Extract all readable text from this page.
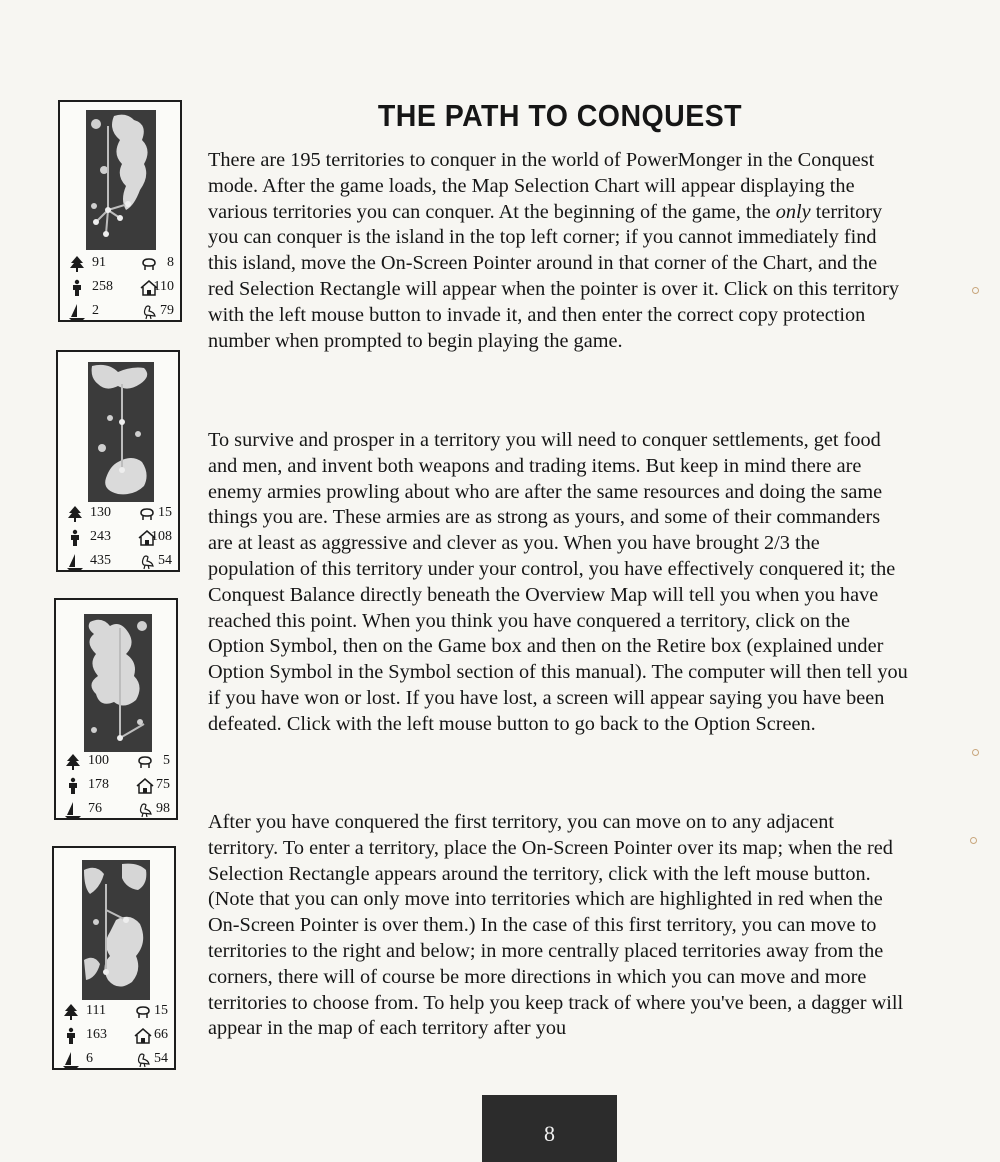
THE PATH TO CONQUEST

There are 195 territories to conquer in the world of PowerMonger in the Conquest mode. After the game loads, the Map Selection Chart will appear displaying the various territories you can conquer. At the beginning of the game, the only territory you can conquer is the island in the top left corner; if you cannot immediately find this island, move the On-Screen Pointer around in that corner of the Chart, and the red Selection Rectangle will appear when the pointer is over it. Click on this territory with the left mouse button to invade it, and then enter the correct copy protection number when prompted to begin playing the game.

To survive and prosper in a territory you will need to conquer settlements, get food and men, and invent both weapons and trading items. But keep in mind there are enemy armies prowling about who are after the same resources and doing the same things you are. These armies are as strong as yours, and some of their commanders are at least as aggressive and clever as you. When you have brought 2/3 the population of this territory under your control, you have effectively conquered it; the Conquest Balance directly beneath the Overview Map will tell you when you have reached this point. When you think you have conquered a territory, click on the Option Symbol, then on the Game box and then on the Retire box (explained under Option Symbol in the Symbol section of this manual). The computer will then tell you if you have won or lost. If you have lost, a screen will appear saying you have been defeated. Click with the left mouse button to go back to the Option Screen.

After you have conquered the first territory, you can move on to any adjacent territory. To enter a territory, place the On-Screen Pointer over its map; when the red Selection Rectangle appears around the territory, click with the left mouse button. (Note that you can only move into territories which are highlighted in red when the On-Screen Pointer is over them.) In the case of this first territory, you can move to territories to the right and below; in more centrally placed territories away from the corners, there will of course be more directions in which you can move and more territories to choose from. To help you keep track of where you've been, a dagger will appear in the map of each territory after you

91	8
258	110
2	79
130	15
243	108
435	54
100	5
178	75
76	98
111	15
163	66
6	54
8
